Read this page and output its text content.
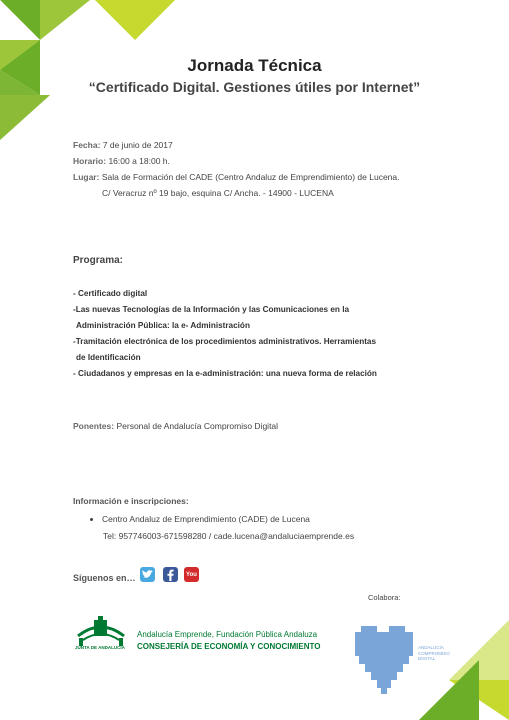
Jornada Técnica
“Certificado Digital. Gestiones útiles por Internet”
Fecha: 7 de junio de 2017
Horario: 16:00 a 18:00 h.
Lugar: Sala de Formación del CADE (Centro Andaluz de Emprendimiento) de Lucena.
C/ Veracruz nº 19 bajo, esquina C/ Ancha. - 14900 - LUCENA
Programa:
- Certificado digital
-Las nuevas Tecnologías de la Información y las Comunicaciones en la
Administración Pública: la e- Administración
-Tramitación electrónica de los procedimientos administrativos. Herramientas
de Identificación
- Ciudadanos y empresas en la e-administración: una nueva forma de relación
Ponentes: Personal de Andalucía Compromiso Digital
Información e inscripciones:
Centro Andaluz de Emprendimiento (CADE) de Lucena
Tel: 957746003-671598280 / cade.lucena@andaluciaemprende.es
Síguenos en…	You
Colabora:
JUNTA DE ANDALUCIA
Andalucía Emprende, Fundación Pública Andaluza
CONSEJERÍA DE ECONOMÍA Y CONOCIMIENTO	ANDALUCÍA
COMPROMISO
DIGITAL
